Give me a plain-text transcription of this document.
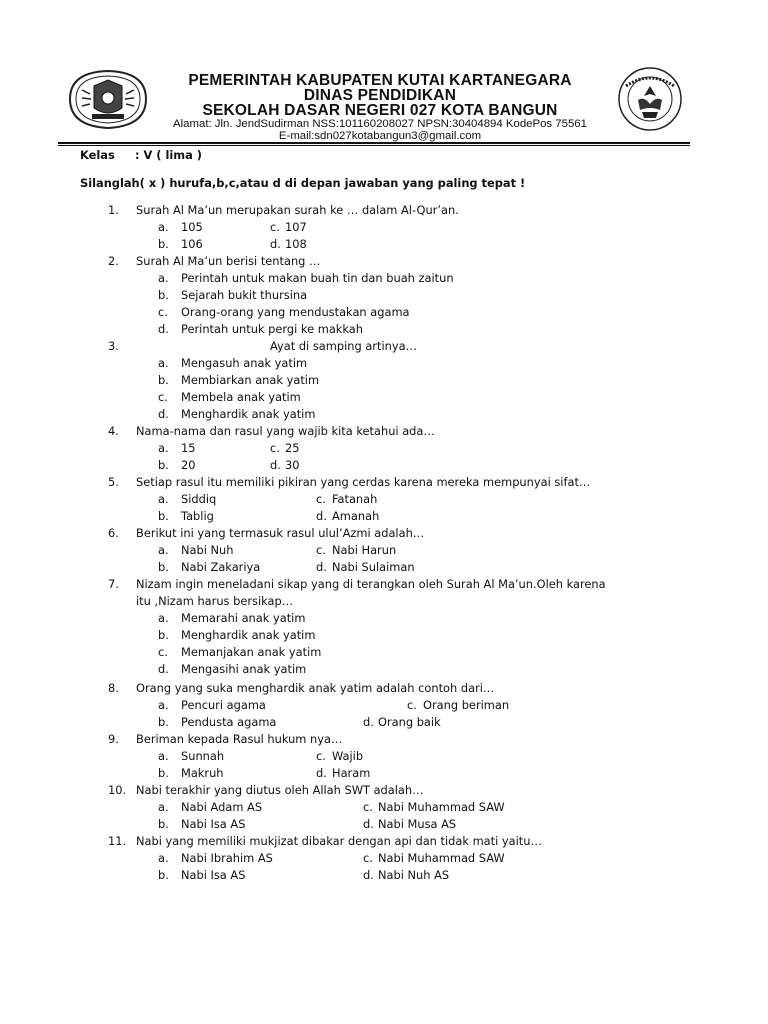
PEMERINTAH KABUPATEN KUTAI KARTANEGARA
DINAS PENDIDIKAN
SEKOLAH DASAR NEGERI 027 KOTA BANGUN
Alamat: Jln. JendSudirman NSS:101160208027 NPSN:30404894 KodePos 75561
E-mail:sdn027kotabangun3@gmail.com
Kelas : V ( lima )
Silanglah( x ) hurufa,b,c,atau d di depan jawaban yang paling tepat !
1. Surah Al Ma’un merupakan surah ke … dalam Al-Qur’an.
a. 105	c. 107
b. 106	d. 108
2. Surah Al Ma’un berisi tentang …
a. Perintah untuk makan buah tin dan buah zaitun
b. Sejarah bukit thursina
c. Orang-orang yang mendustakan agama
d. Perintah untuk pergi ke makkah
3.	Ayat di samping artinya…
a. Mengasuh anak yatim
b. Membiarkan anak yatim
c. Membela anak yatim
d. Menghardik anak yatim
4. Nama-nama dan rasul yang wajib kita ketahui ada…
a. 15	c. 25
b. 20	d. 30
5. Setiap rasul itu memiliki pikiran yang cerdas karena mereka mempunyai sifat…
a. Siddiq	c. Fatanah
b. Tablig	d. Amanah
6. Berikut ini yang termasuk rasul ulul’Azmi adalah…
a. Nabi Nuh	c. Nabi Harun
b. Nabi Zakariya	d. Nabi Sulaiman
7. Nizam ingin meneladani sikap yang di terangkan oleh Surah Al Ma’un.Oleh karena
itu ,Nizam harus bersikap…
a. Memarahi anak yatim
b. Menghardik anak yatim
c. Memanjakan anak yatim
d. Mengasihi anak yatim
8. Orang yang suka menghardik anak yatim adalah contoh dari…
a. Pencuri agama	c. Orang beriman
b. Pendusta agama	d. Orang baik
9. Beriman kepada Rasul hukum nya…
a. Sunnah	c. Wajib
b. Makruh	d. Haram
10. Nabi terakhir yang diutus oleh Allah SWT adalah…
a. Nabi Adam AS	c. Nabi Muhammad SAW
b. Nabi Isa AS	d. Nabi Musa AS
11. Nabi yang memiliki mukjizat dibakar dengan api dan tidak mati yaitu…
a. Nabi Ibrahim AS	c. Nabi Muhammad SAW
b. Nabi Isa AS	d. Nabi Nuh AS
